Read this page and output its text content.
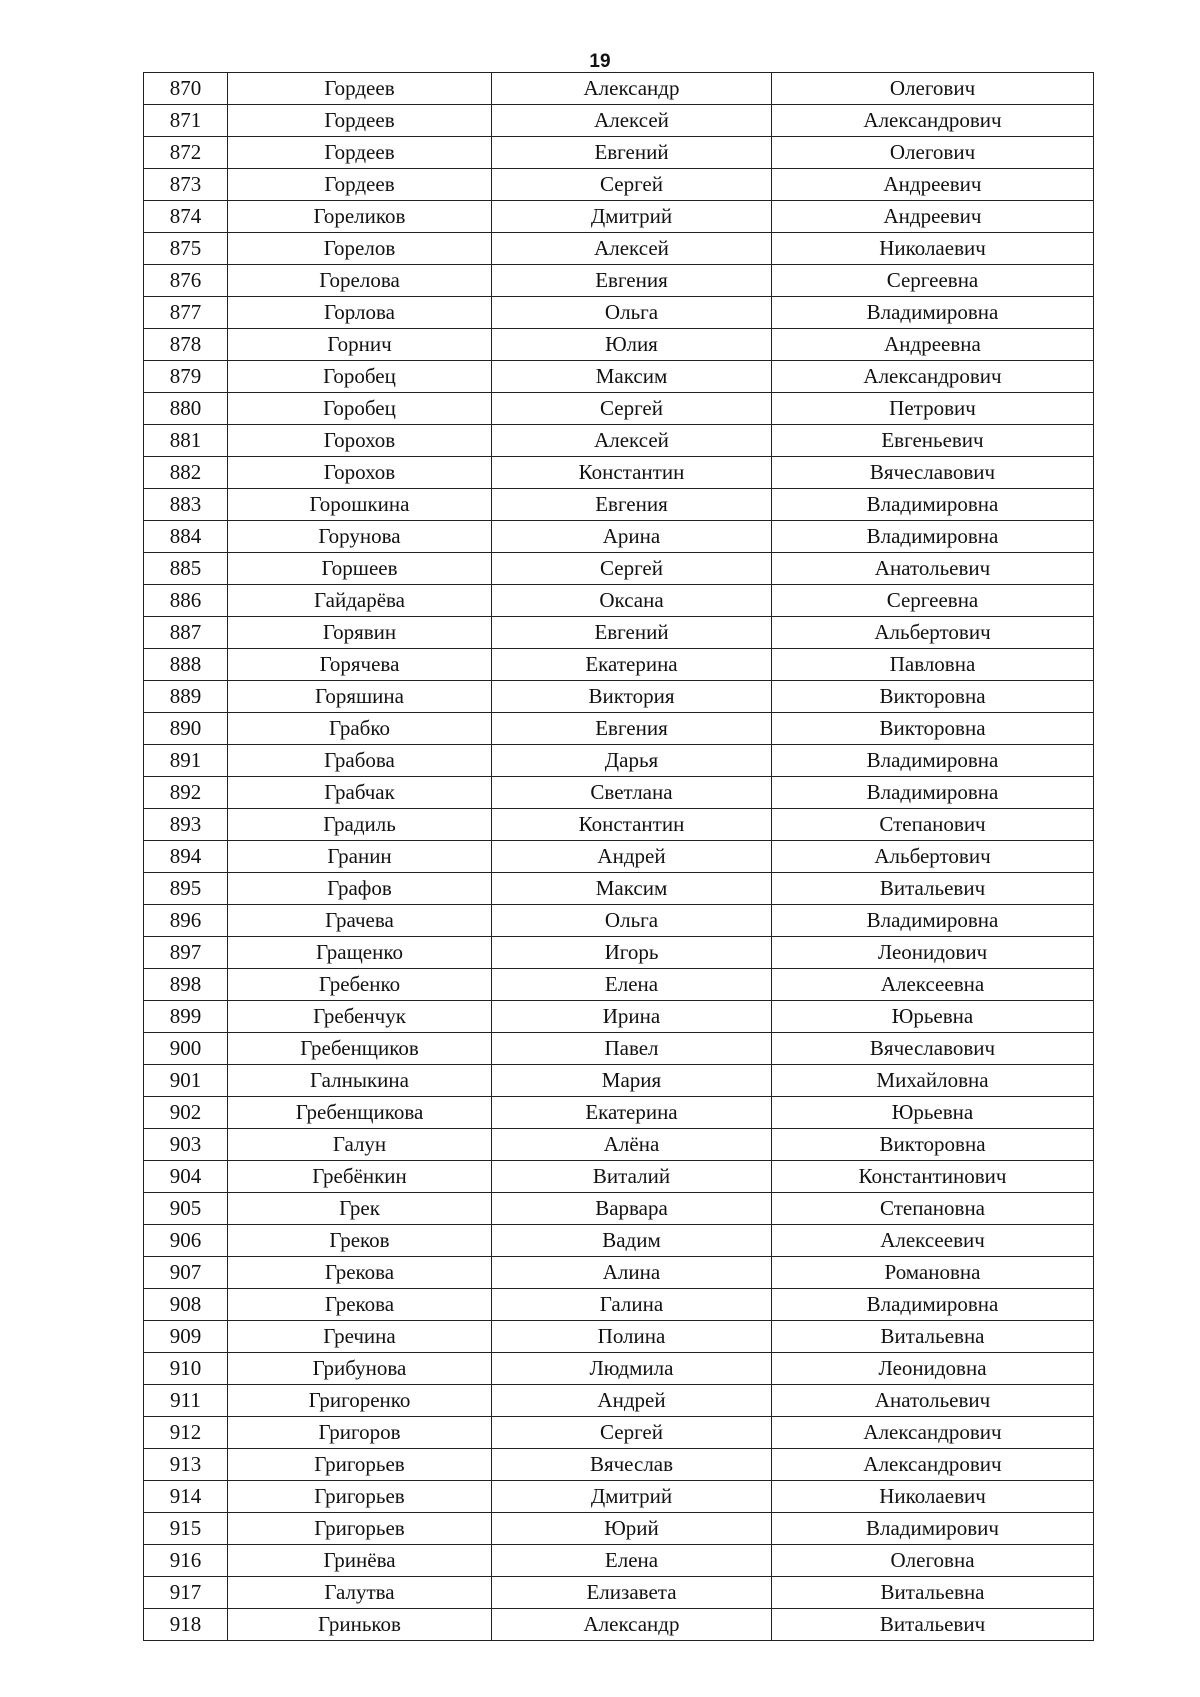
19
870	Гордеев	Александр	Олегович
871	Гордеев	Алексей	Александрович
872	Гордеев	Евгений	Олегович
873	Гордеев	Сергей	Андреевич
874	Гореликов	Дмитрий	Андреевич
875	Горелов	Алексей	Николаевич
876	Горелова	Евгения	Сергеевна
877	Горлова	Ольга	Владимировна
878	Горнич	Юлия	Андреевна
879	Горобец	Максим	Александрович
880	Горобец	Сергей	Петрович
881	Горохов	Алексей	Евгеньевич
882	Горохов	Константин	Вячеславович
883	Горошкина	Евгения	Владимировна
884	Горунова	Арина	Владимировна
885	Горшеев	Сергей	Анатольевич
886	Гайдарёва	Оксана	Сергеевна
887	Горявин	Евгений	Альбертович
888	Горячева	Екатерина	Павловна
889	Горяшина	Виктория	Викторовна
890	Грабко	Евгения	Викторовна
891	Грабова	Дарья	Владимировна
892	Грабчак	Светлана	Владимировна
893	Градиль	Константин	Степанович
894	Гранин	Андрей	Альбертович
895	Графов	Максим	Витальевич
896	Грачева	Ольга	Владимировна
897	Гращенко	Игорь	Леонидович
898	Гребенко	Елена	Алексеевна
899	Гребенчук	Ирина	Юрьевна
900	Гребенщиков	Павел	Вячеславович
901	Галныкина	Мария	Михайловна
902	Гребенщикова	Екатерина	Юрьевна
903	Галун	Алёна	Викторовна
904	Гребёнкин	Виталий	Константинович
905	Грек	Варвара	Степановна
906	Греков	Вадим	Алексеевич
907	Грекова	Алина	Романовна
908	Грекова	Галина	Владимировна
909	Гречина	Полина	Витальевна
910	Грибунова	Людмила	Леонидовна
911	Григоренко	Андрей	Анатольевич
912	Григоров	Сергей	Александрович
913	Григорьев	Вячеслав	Александрович
914	Григорьев	Дмитрий	Николаевич
915	Григорьев	Юрий	Владимирович
916	Гринёва	Елена	Олеговна
917	Галутва	Елизавета	Витальевна
918	Гриньков	Александр	Витальевич
